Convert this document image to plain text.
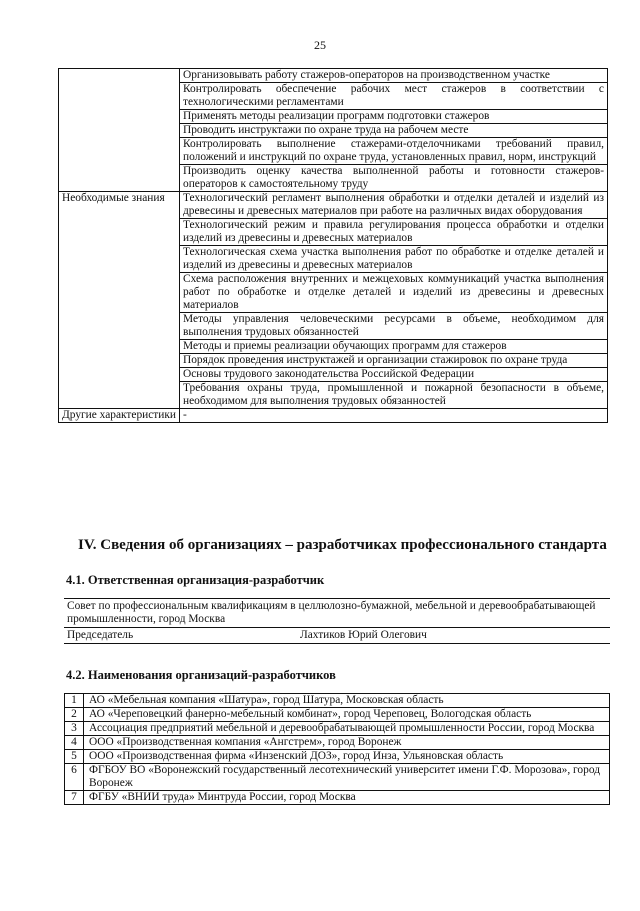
25
	Организовывать работу стажеров-операторов на производственном участке
	Контролировать обеспечение рабочих мест стажеров в соответствии с технологическими регламентами
	Применять методы реализации программ подготовки стажеров
	Проводить инструктажи по охране труда на рабочем месте
	Контролировать выполнение стажерами-отделочниками требований правил, положений и инструкций по охране труда, установленных правил, норм, инструкций
	Производить оценку качества выполненной работы и готовности стажеров-операторов к самостоятельному труду
Необходимые знания	Технологический регламент выполнения обработки и отделки деталей и изделий из древесины и древесных материалов при работе на различных видах оборудования
	Технологический режим и правила регулирования процесса обработки и отделки изделий из древесины и древесных материалов
	Технологическая схема участка выполнения работ по обработке и отделке деталей и изделий из древесины и древесных материалов
	Схема расположения внутренних и межцеховых коммуникаций участка выполнения работ по обработке и отделке деталей и изделий из древесины и древесных материалов
	Методы управления человеческими ресурсами в объеме, необходимом для выполнения трудовых обязанностей
	Методы и приемы реализации обучающих программ для стажеров
	Порядок проведения инструктажей и организации стажировок по охране труда
	Основы трудового законодательства Российской Федерации
	Требования охраны труда, промышленной и пожарной безопасности в объеме, необходимом для выполнения трудовых обязанностей
Другие характеристики	-
IV. Сведения об организациях – разработчиках профессионального стандарта
4.1. Ответственная организация-разработчик
Совет по профессиональным квалификациям в целлюлозно-бумажной, мебельной и деревообрабатывающей промышленности, город Москва
Председатель	Лахтиков Юрий Олегович
4.2. Наименования организаций-разработчиков
1	АО «Мебельная компания «Шатура», город Шатура, Московская область
2	АО «Череповецкий фанерно-мебельный комбинат», город Череповец, Вологодская область
3	Ассоциация предприятий мебельной и деревообрабатывающей промышленности России, город Москва
4	ООО «Производственная компания «Ангстрем», город Воронеж
5	ООО «Производственная фирма «Инзенский ДОЗ», город Инза, Ульяновская область
6	ФГБОУ ВО «Воронежский государственный лесотехнический университет имени Г.Ф. Морозова», город Воронеж
7	ФГБУ «ВНИИ труда» Минтруда России, город Москва
